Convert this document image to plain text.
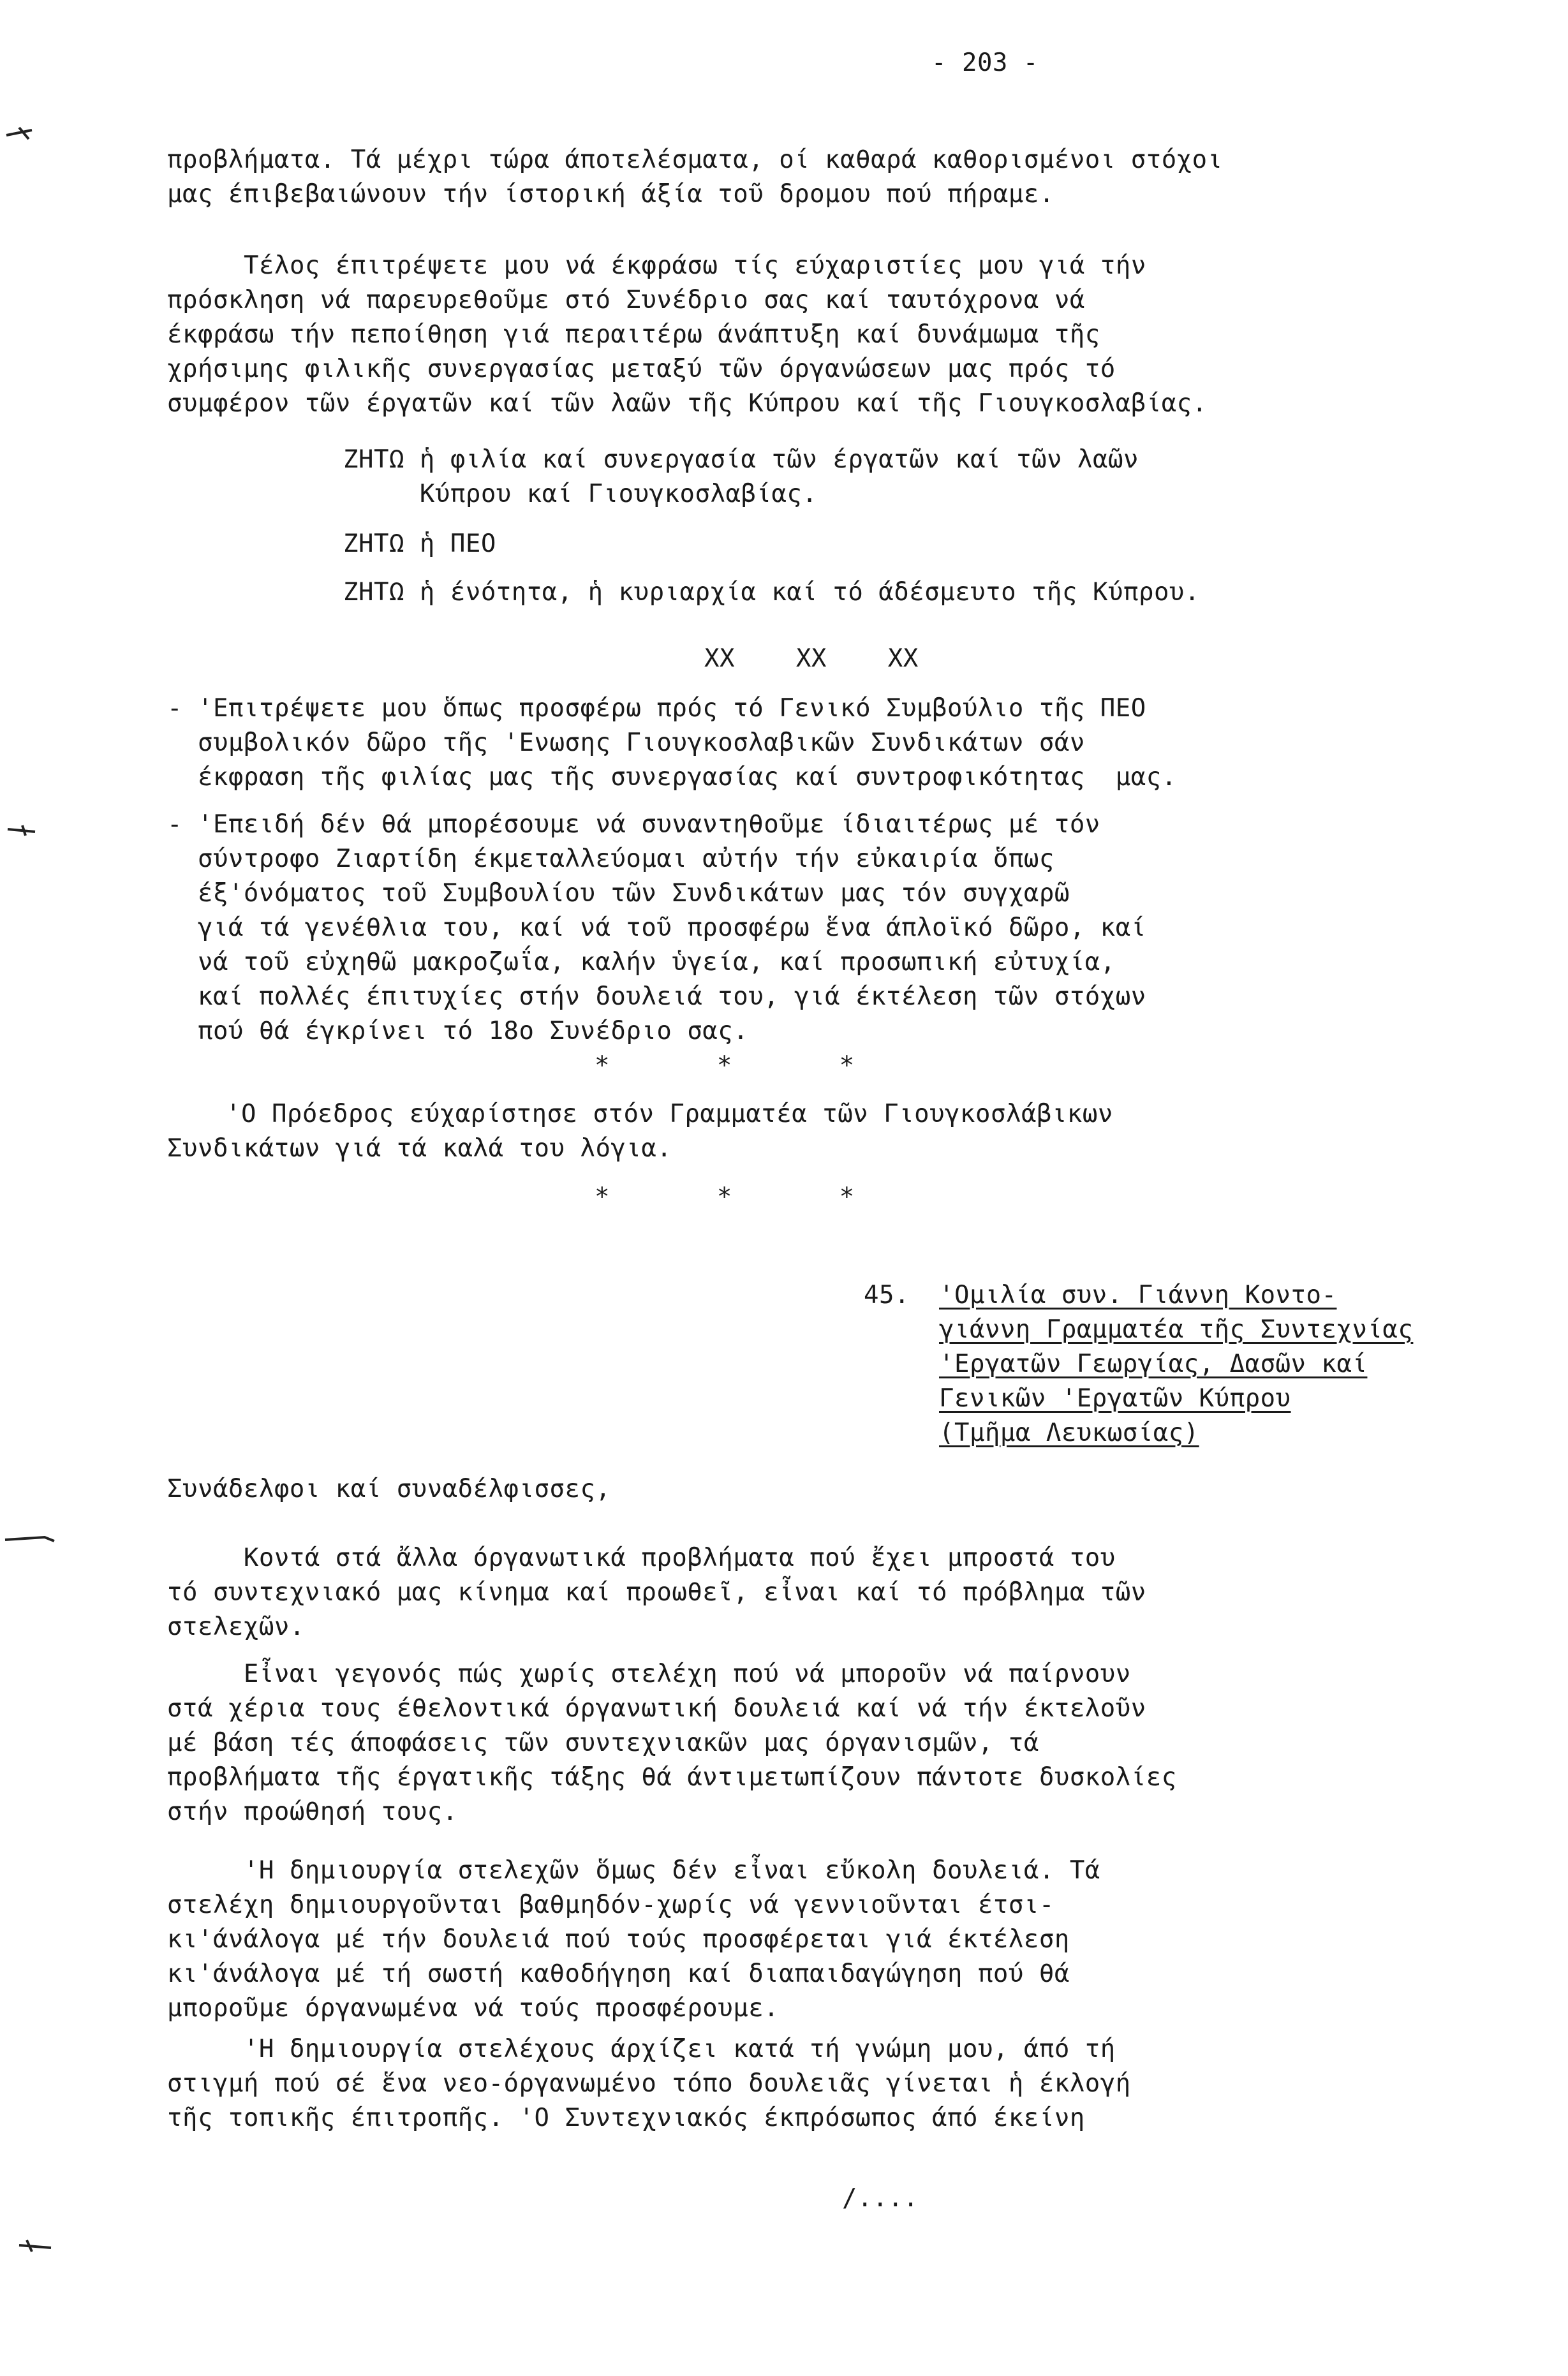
- 203 -
προβλήματα. Τά μέχρι τώρα άποτελέσματα, οί καθαρά καθορισμένοι στόχοι
μας έπιβεβαιώνουν τήν ίστορική άξία τοῦ δρομου πού πήραμε.
Τέλος έπιτρέψετε μου νά έκφράσω τίς εύχαριστίες μου γιά τήν
πρόσκληση νά παρευρεθοῦμε στό Συνέδριο σας καί ταυτόχρονα νά
έκφράσω τήν πεποίθηση γιά περαιτέρω άνάπτυξη καί δυνάμωμα τῆς
χρήσιμης φιλικῆς συνεργασίας μεταξύ τῶν όργανώσεων μας πρός τό
συμφέρον τῶν έργατῶν καί τῶν λαῶν τῆς Κύπρου καί τῆς Γιουγκοσλαβίας.
ΖΗΤΩ ἡ φιλία καί συνεργασία τῶν έργατῶν καί τῶν λαῶν
Κύπρου καί Γιουγκοσλαβίας.
ΖΗΤΩ ἡ ΠΕΟ
ΖΗΤΩ ἡ ένότητα, ἡ κυριαρχία καί τό άδέσμευτο τῆς Κύπρου.
XX    XX    XX
- 'Επιτρέψετε μου ὅπως προσφέρω πρός τό Γενικό Συμβούλιο τῆς ΠΕΟ
συμβολικόν δῶρο τῆς 'Ενωσης Γιουγκοσλαβικῶν Συνδικάτων σάν
έκφραση τῆς φιλίας μας τῆς συνεργασίας καί συντροφικότητας  μας.
- 'Επειδή δέν θά μπορέσουμε νά συναντηθοῦμε ίδιαιτέρως μέ τόν
σύντροφο Ζιαρτίδη έκμεταλλεύομαι αὐτήν τήν εὐκαιρία ὅπως
έξ'όνόματος τοῦ Συμβουλίου τῶν Συνδικάτων μας τόν συγχαρῶ
γιά τά γενέθλια του, καί νά τοῦ προσφέρω ἕνα άπλοϊκό δῶρο, καί
νά τοῦ εὐχηθῶ μακροζωΐα, καλήν ὑγεία, καί προσωπική εὐτυχία,
καί πολλές έπιτυχίες στήν δουλειά του, γιά έκτέλεση τῶν στόχων
πού θά έγκρίνει τό 18ο Συνέδριο σας.
*       *       *
'Ο Πρόεδρος εύχαρίστησε στόν Γραμματέα τῶν Γιουγκοσλάβικων
Συνδικάτων γιά τά καλά του λόγια.
*       *       *
45. 'Ομιλία συν. Γιάννη Κοντο-
γιάννη Γραμματέα τῆς Συντεχνίας
'Εργατῶν Γεωργίας, Δασῶν καί
Γενικῶν 'Εργατῶν Κύπρου
(Τμῆμα Λευκωσίας)
Συνάδελφοι καί συναδέλφισσες,
Κοντά στά ἄλλα όργανωτικά προβλήματα πού ἔχει μπροστά του
τό συντεχνιακό μας κίνημα καί προωθεῖ, εἶναι καί τό πρόβλημα τῶν
στελεχῶν.
Εἶναι γεγονός πώς χωρίς στελέχη πού νά μποροῦν νά παίρνουν
στά χέρια τους έθελοντικά όργανωτική δουλειά καί νά τήν έκτελοῦν
μέ βάση τές άποφάσεις τῶν συντεχνιακῶν μας όργανισμῶν, τά
προβλήματα τῆς έργατικῆς τάξης θά άντιμετωπίζουν πάντοτε δυσκολίες
στήν προώθησή τους.
'Η δημιουργία στελεχῶν ὅμως δέν εἶναι εὔκολη δουλειά. Τά
στελέχη δημιουργοῦνται βαθμηδόν-χωρίς νά γεννιοῦνται έτσι-
κι'άνάλογα μέ τήν δουλειά πού τούς προσφέρεται γιά έκτέλεση
κι'άνάλογα μέ τή σωστή καθοδήγηση καί διαπαιδαγώγηση πού θά
μποροῦμε όργανωμένα νά τούς προσφέρουμε.
'Η δημιουργία στελέχους άρχίζει κατά τή γνώμη μου, άπό τή
στιγμή πού σέ ἕνα νεο-όργανωμένο τόπο δουλειᾶς γίνεται ἡ έκλογή
τῆς τοπικῆς έπιτροπῆς. 'Ο Συντεχνιακός έκπρόσωπος άπό έκείνη
/....
